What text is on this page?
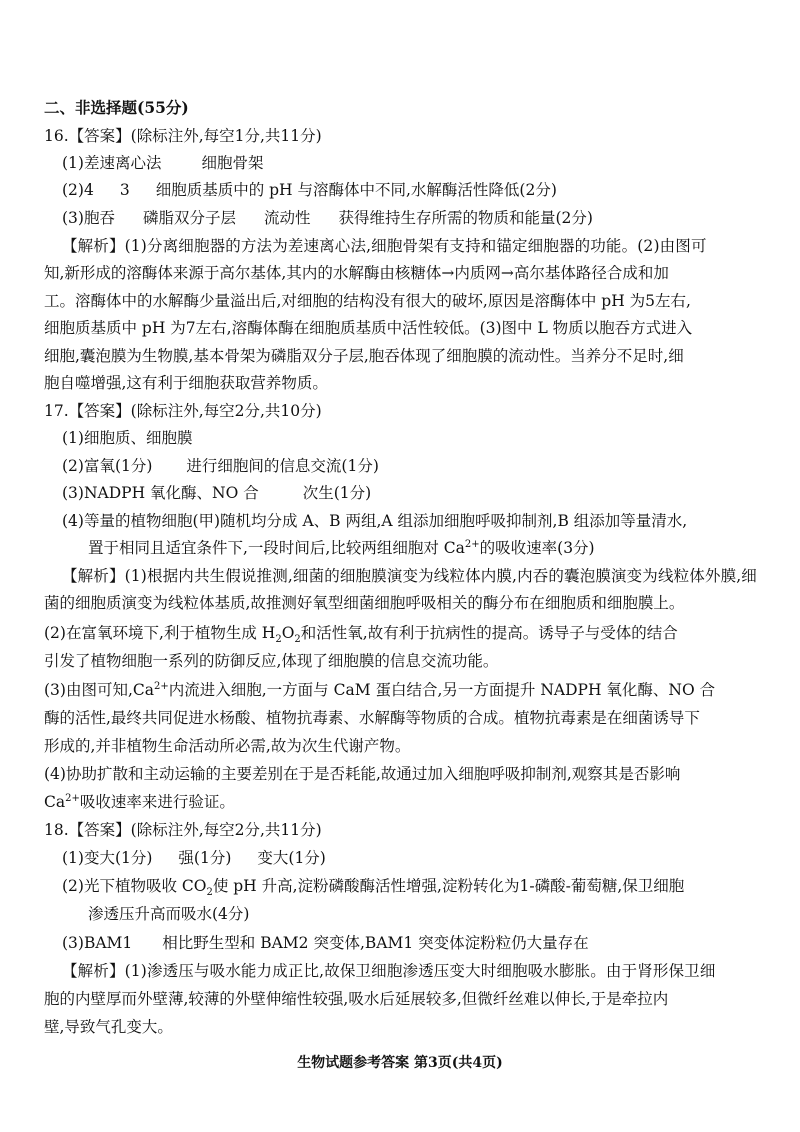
二、非选择题(55分)
16.【答案】(除标注外,每空1分,共11分)
(1)差速离心法	细胞骨架
(2)4 3 细胞质基质中的 pH 与溶酶体中不同,水解酶活性降低(2分)
(3)胞吞 磷脂双分子层 流动性 获得维持生存所需的物质和能量(2分)
【解析】(1)分离细胞器的方法为差速离心法,细胞骨架有支持和锚定细胞器的功能。(2)由图可
知,新形成的溶酶体来源于高尔基体,其内的水解酶由核糖体→内质网→高尔基体路径合成和加
工。溶酶体中的水解酶少量溢出后,对细胞的结构没有很大的破坏,原因是溶酶体中 pH 为5左右,
细胞质基质中 pH 为7左右,溶酶体酶在细胞质基质中活性较低。(3)图中 L 物质以胞吞方式进入
细胞,囊泡膜为生物膜,基本骨架为磷脂双分子层,胞吞体现了细胞膜的流动性。当养分不足时,细
胞自噬增强,这有利于细胞获取营养物质。
17.【答案】(除标注外,每空2分,共10分)
(1)细胞质、细胞膜
(2)富氧(1分) 进行细胞间的信息交流(1分)
(3)NADPH 氧化酶、NO 合	次生(1分)
(4)等量的植物细胞(甲)随机均分成 A、B 两组,A 组添加细胞呼吸抑制剂,B 组添加等量清水,
置于相同且适宜条件下,一段时间后,比较两组细胞对 $Ca^{2+}$的吸收速率(3分)
【解析】(1)根据内共生假说推测,细菌的细胞膜演变为线粒体内膜,内吞的囊泡膜演变为线粒体外膜,细
菌的细胞质演变为线粒体基质,故推测好氧型细菌细胞呼吸相关的酶分布在细胞质和细胞膜上。
(2)在富氧环境下,利于植物生成 $H_2O_2$和活性氧,故有利于抗病性的提高。诱导子与受体的结合
引发了植物细胞一系列的防御反应,体现了细胞膜的信息交流功能。
(3)由图可知$,Ca^{2+}$内流进入细胞,一方面与 CaM 蛋白结合,另一方面提升 NADPH 氧化酶、NO 合
酶的活性,最终共同促进水杨酸、植物抗毒素、水解酶等物质的合成。植物抗毒素是在细菌诱导下
形成的,并非植物生命活动所必需,故为次生代谢产物。
(4)协助扩散和主动运输的主要差别在于是否耗能,故通过加入细胞呼吸抑制剂,观察其是否影响
$Ca^{2+}$吸收速率来进行验证。
18.【答案】(除标注外,每空2分,共11分)
(1)变大(1分) 强(1分) 变大(1分)
(2)光下植物吸收 $CO_2$使 pH 升高,淀粉磷酸酶活性增强,淀粉转化为1-磷酸-葡萄糖,保卫细胞
渗透压升高而吸水(4分)
(3)BAM1 相比野生型和 BAM2 突变体,BAM1 突变体淀粉粒仍大量存在
【解析】(1)渗透压与吸水能力成正比,故保卫细胞渗透压变大时细胞吸水膨胀。由于肾形保卫细
胞的内壁厚而外壁薄,较薄的外壁伸缩性较强,吸水后延展较多,但微纤丝难以伸长,于是牵拉内
壁,导致气孔变大。
生物试题参考答案 第3页(共4页)
